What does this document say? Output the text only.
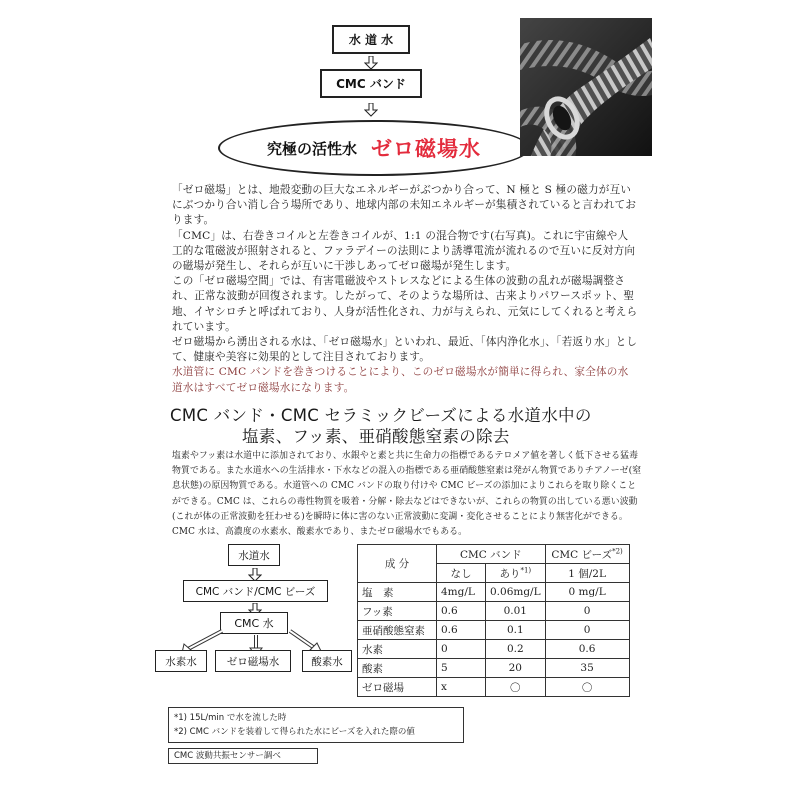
水 道 水
CMC バンド
究極の活性水 ゼロ磁場水

「ゼロ磁場」とは、地殻変動の巨大なエネルギーがぶつかり合って、N 極と S 極の磁力が互いにぶつかり合い消し合う場所であり、地球内部の未知エネルギーが集積されていると言われております。

「CMC」は、右巻きコイルと左巻きコイルが、1:1 の混合物です(右写真)。これに宇宙線や人工的な電磁波が照射されると、ファラデイーの法則により誘導電流が流れるので互いに反対方向の磁場が発生し、それらが互いに干渉しあってゼロ磁場が発生します。

この「ゼロ磁場空間」では、有害電磁波やストレスなどによる生体の波動の乱れが磁場調整され、正常な波動が回復されます。したがって、そのような場所は、古来よりパワースポット、聖地、イヤシロチと呼ばれており、人身が活性化され、力が与えられ、元気にしてくれると考えられています。

ゼロ磁場から湧出される水は、「ゼロ磁場水」といわれ、最近、「体内浄化水」、「若返り水」として、健康や美容に効果的として注目されております。

水道管に CMC バンドを巻きつけることにより、このゼロ磁場水が簡単に得られ、家全体の水道水はすべてゼロ磁場水になります。

CMC バンド・CMC セラミックビーズによる水道水中の
塩素、フッ素、亜硝酸態窒素の除去

塩素やフッ素は水道中に添加されており、水銀やと素と共に生命力の指標であるテロメア値を著しく低下させる猛毒物質である。また水道水への生活排水・下水などの混入の指標である亜硝酸態窒素は発がん物質でありチアノーゼ(窒息状態)の原因物質である。水道管への CMC バンドの取り付けや CMC ビーズの添加によりこれらを取り除くことができる。CMC は、これらの毒性物質を吸着・分解・除去などはできないが、これらの物質の出している悪い波動(これが体の正常波動を狂わせる)を瞬時に体に害のない正常波動に変調・変化させることにより無害化ができる。CMC 水は、高濃度の水素水、酸素水であり、またゼロ磁場水でもある。

水道水
CMC バンド/CMC ビーズ
CMC 水
水素水	ゼロ磁場水	酸素水
成 分	CMC バンド		CMC ビーズ$^{*2)}$
	なし	あり$^{*1)}$	1 個/2L
塩　素	4mg/L	0.06mg/L	0 mg/L
フッ素	0.6	0.01	0
亜硝酸態窒素	0.6	0.1	0
水素	0	0.2	0.6
酸素	5	20	35
ゼロ磁場	x	〇	〇

*1) 15L/min で水を流した時

*2) CMC バンドを装着して得られた水にビーズを入れた際の値

CMC 波動共振センサー調べ
